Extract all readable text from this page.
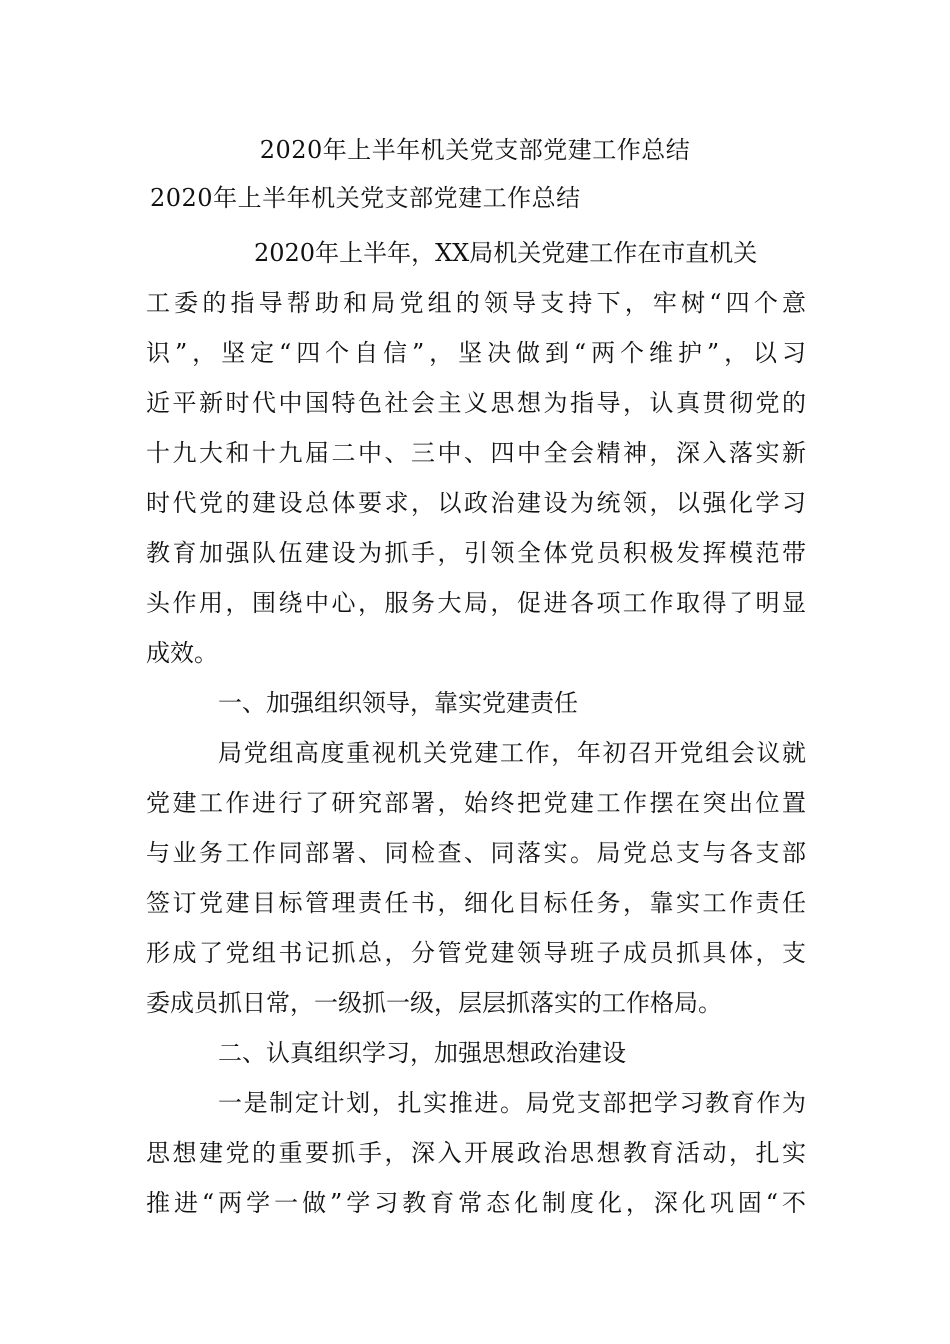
2020年上半年机关党支部党建工作总结
2020年上半年机关党支部党建工作总结
2020年上半年，XX局机关党建工作在市直机关
工委的指导帮助和局党组的领导支持下，牢树“四个意
识”，坚定“四个自信”，坚决做到“两个维护”，以习
近平新时代中国特色社会主义思想为指导，认真贯彻党的
十九大和十九届二中、三中、四中全会精神，深入落实新
时代党的建设总体要求，以政治建设为统领，以强化学习
教育加强队伍建设为抓手，引领全体党员积极发挥模范带
头作用，围绕中心，服务大局，促进各项工作取得了明显
成效。
一、加强组织领导，靠实党建责任
局党组高度重视机关党建工作，年初召开党组会议就
党建工作进行了研究部署，始终把党建工作摆在突出位置
与业务工作同部署、同检查、同落实。局党总支与各支部
签订党建目标管理责任书，细化目标任务，靠实工作责任
形成了党组书记抓总，分管党建领导班子成员抓具体，支
委成员抓日常，一级抓一级，层层抓落实的工作格局。
二、认真组织学习，加强思想政治建设
一是制定计划，扎实推进。局党支部把学习教育作为
思想建党的重要抓手，深入开展政治思想教育活动，扎实
推进“两学一做”学习教育常态化制度化，深化巩固“不
